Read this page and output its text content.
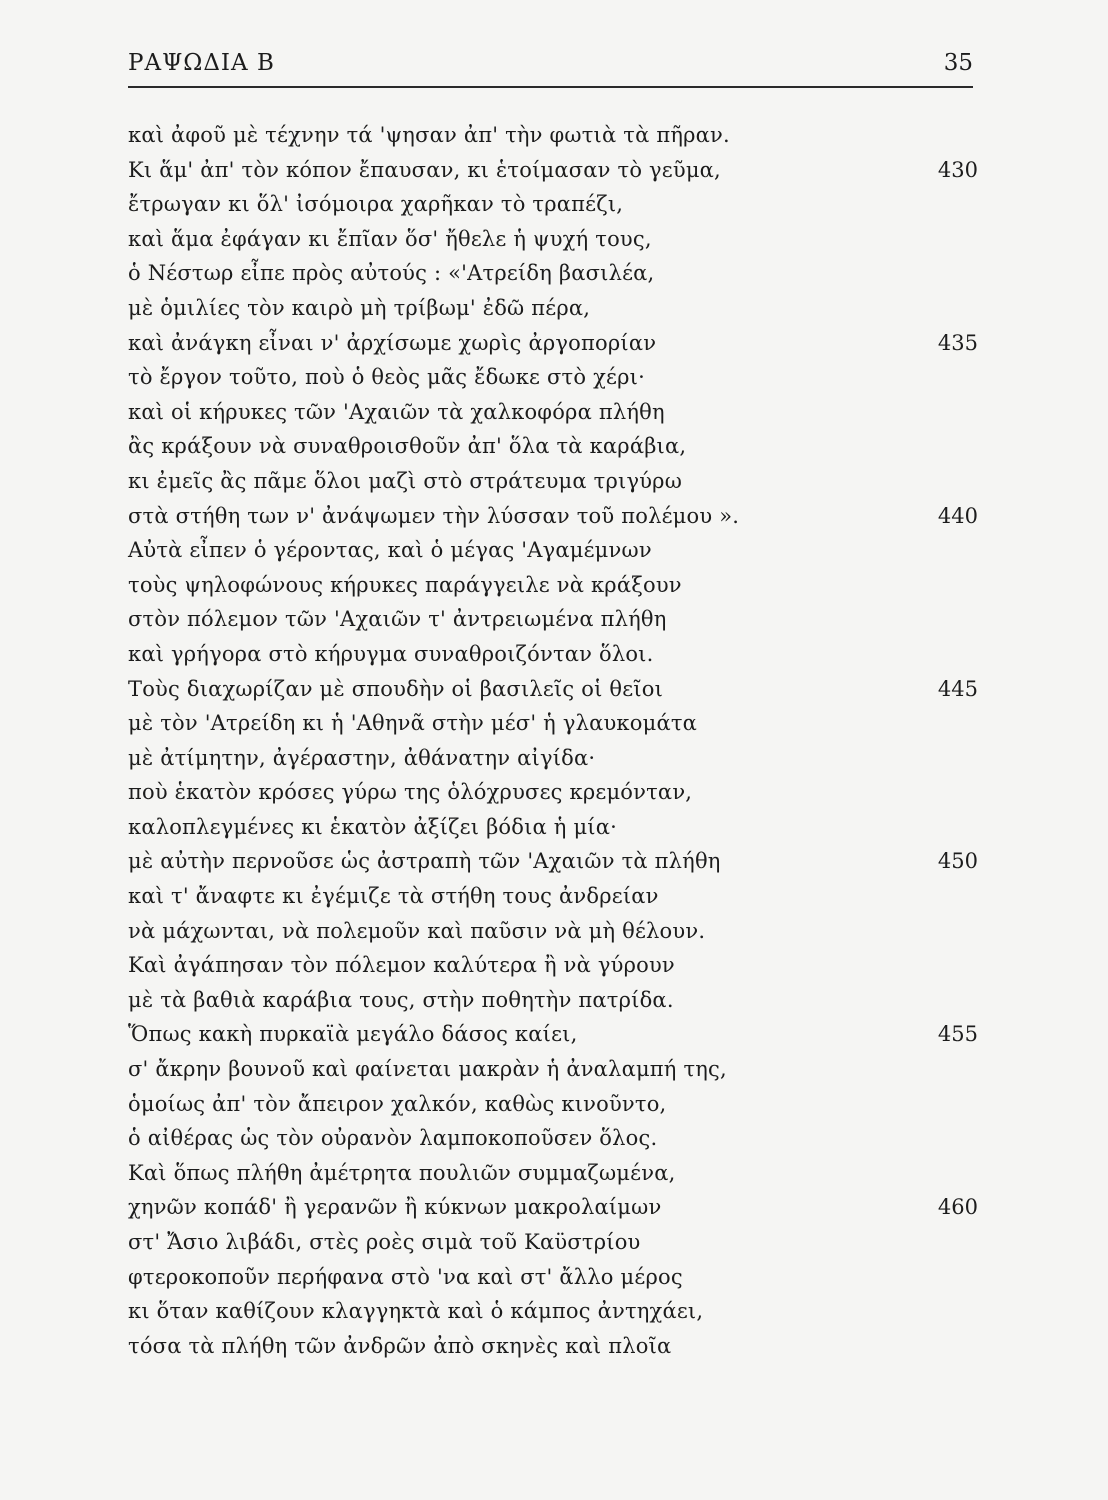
ΡΑΨΩΔΙΑ Β	35
καὶ ἀφοῦ μὲ τέχνην τά 'ψησαν ἀπ' τὴν φωτιὰ τὰ πῆραν.
Κι ἅμ' ἀπ' τὸν κόπον ἔπαυσαν, κι ἑτοίμασαν τὸ γεῦμα,	430
ἔτρωγαν κι ὅλ' ἰσόμοιρα χαρῆκαν τὸ τραπέζι,
καὶ ἅμα ἐφάγαν κι ἔπῖαν ὅσ' ἤθελε ἡ ψυχή τους,
ὁ Νέστωρ εἶπε πρὸς αὐτούς : «'Ατρείδη βασιλέα,
μὲ ὁμιλίες τὸν καιρὸ μὴ τρίβωμ' ἐδῶ πέρα,
καὶ ἀνάγκη εἶναι ν' ἀρχίσωμε χωρὶς ἀργοπορίαν	435
τὸ ἔργον τοῦτο, ποὺ ὁ θεὸς μᾶς ἔδωκε στὸ χέρι·
καὶ οἱ κήρυκες τῶν 'Αχαιῶν τὰ χαλκοφόρα πλήθη
ἂς κράξουν νὰ συναθροισθοῦν ἀπ' ὅλα τὰ καράβια,
κι ἐμεῖς ἂς πᾶμε ὅλοι μαζὶ στὸ στράτευμα τριγύρω
στὰ στήθη των ν' ἀνάψωμεν τὴν λύσσαν τοῦ πολέμου ».	440
Αὐτὰ εἶπεν ὁ γέροντας, καὶ ὁ μέγας 'Αγαμέμνων
τοὺς ψηλοφώνους κήρυκες παράγγειλε νὰ κράξουν
στὸν πόλεμον τῶν 'Αχαιῶν τ' ἀντρειωμένα πλήθη
καὶ γρήγορα στὸ κήρυγμα συναθροιζόνταν ὅλοι.
Τοὺς διαχωρίζαν μὲ σπουδὴν οἱ βασιλεῖς οἱ θεῖοι	445
μὲ τὸν 'Ατρείδη κι ἡ 'Αθηνᾶ στὴν μέσ' ἡ γλαυκομάτα
μὲ ἀτίμητην, ἀγέραστην, ἀθάνατην αἰγίδα·
ποὺ ἑκατὸν κρόσες γύρω της ὁλόχρυσες κρεμόνταν,
καλοπλεγμένες κι ἑκατὸν ἀξίζει βόδια ἡ μία·
μὲ αὐτὴν περνοῦσε ὡς ἀστραπὴ τῶν 'Αχαιῶν τὰ πλήθη	450
καὶ τ' ἄναφτε κι ἐγέμιζε τὰ στήθη τους ἀνδρείαν
νὰ μάχωνται, νὰ πολεμοῦν καὶ παῦσιν νὰ μὴ θέλουν.
Καὶ ἀγάπησαν τὸν πόλεμον καλύτερα ἢ νὰ γύρουν
μὲ τὰ βαθιὰ καράβια τους, στὴν ποθητὴν πατρίδα.
Ὅπως κακὴ πυρκαϊὰ μεγάλο δάσος καίει,	455
σ' ἄκρην βουνοῦ καὶ φαίνεται μακρὰν ἡ ἀναλαμπή της,
ὁμοίως ἀπ' τὸν ἄπειρον χαλκόν, καθὼς κινοῦντο,
ὁ αἰθέρας ὡς τὸν οὐρανὸν λαμποκοποῦσεν ὅλος.
Καὶ ὅπως πλήθη ἀμέτρητα πουλιῶν συμμαζωμένα,
χηνῶν κοπάδ' ἢ γερανῶν ἢ κύκνων μακρολαίμων	460
στ' Ἄσιο λιβάδι, στὲς ροὲς σιμὰ τοῦ Καϋστρίου
φτεροκοποῦν περήφανα στὸ 'να καὶ στ' ἄλλο μέρος
κι ὅταν καθίζουν κλαγγηκτὰ καὶ ὁ κάμπος ἀντηχάει,
τόσα τὰ πλήθη τῶν ἀνδρῶν ἀπὸ σκηνὲς καὶ πλοῖα
